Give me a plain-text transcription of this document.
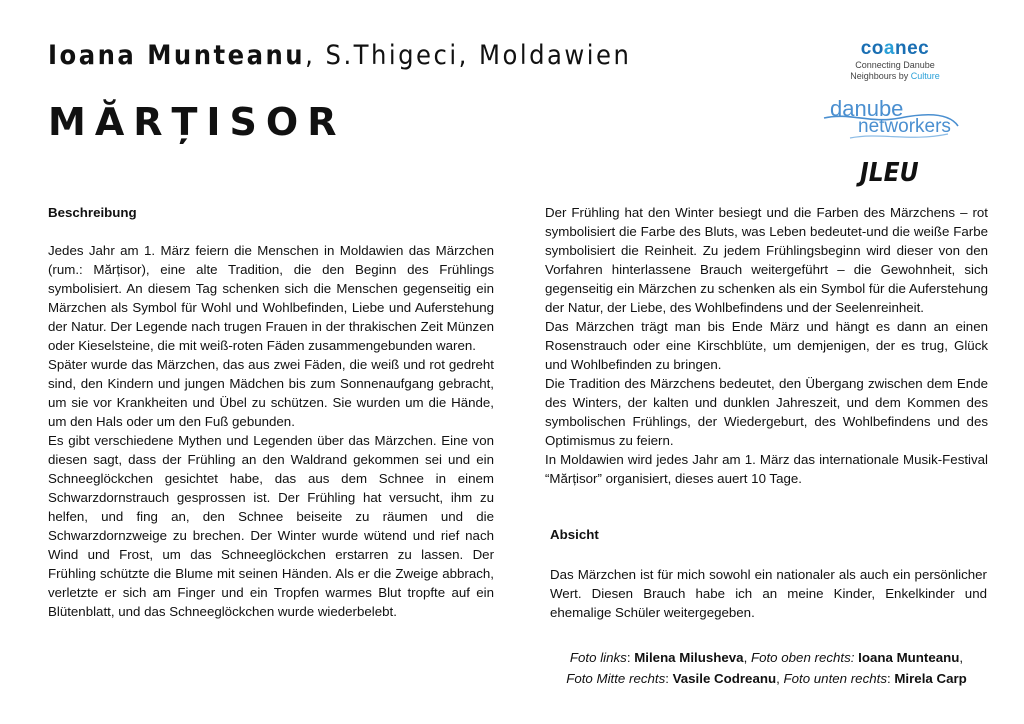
Ioana Munteanu, S.Thigeci, Moldawien
MĂRȚISOR
coanec
Connecting Danube
Neighbours by Culture
danube
networkers
JLEU

Beschreibung

Jedes Jahr am 1. März feiern die Menschen in Moldawien das Märzchen (rum.: Mărțisor), eine alte Tradition, die den Beginn des Frühlings symbolisiert. An diesem Tag schenken sich die Menschen gegenseitig ein Märzchen als Symbol für Wohl und Wohlbefinden, Liebe und Auferstehung der Natur. Der Legende nach trugen Frauen in der thrakischen Zeit Münzen oder Kieselsteine, die mit weiß-roten Fäden zusammengebunden waren.

Später wurde das Märzchen, das aus zwei Fäden, die weiß und rot gedreht sind, den Kindern und jungen Mädchen bis zum Sonnenaufgang gebracht, um sie vor Krankheiten und Übel zu schützen. Sie wurden um die Hände, um den Hals oder um den Fuß gebunden.

Es gibt verschiedene Mythen und Legenden über das Märzchen. Eine von diesen sagt, dass der Frühling an den Waldrand gekommen sei und ein Schneeglöckchen gesichtet habe, das aus dem Schnee in einem Schwarzdornstrauch gesprossen ist. Der Frühling hat versucht, ihm zu helfen, und fing an, den Schnee beiseite zu räumen und die Schwarzdornzweige zu brechen. Der Winter wurde wütend und rief nach Wind und Frost, um das Schneeglöckchen erstarren zu lassen. Der Frühling schützte die Blume mit seinen Händen. Als er die Zweige abbrach, verletzte er sich am Finger und ein Tropfen warmes Blut tropfte auf ein Blütenblatt, und das Schneeglöckchen wurde wiederbelebt.

Der Frühling hat den Winter besiegt und die Farben des Märzchens – rot symbolisiert die Farbe des Bluts, was Leben bedeutet-und die weiße Farbe symbolisiert die Reinheit. Zu jedem Frühlingsbeginn wird dieser von den Vorfahren hinterlassene Brauch weitergeführt – die Gewohnheit, sich gegenseitig ein Märzchen zu schenken als ein Symbol für die Auferstehung der Natur, der Liebe, des Wohlbefindens und der Seelenreinheit.

Das Märzchen trägt man bis Ende März und hängt es dann an einen Rosenstrauch oder eine Kirschblüte, um demjenigen, der es trug, Glück und Wohlbefinden zu bringen.

Die Tradition des Märzchens bedeutet, den Übergang zwischen dem Ende des Winters, der kalten und dunklen Jahreszeit, und dem Kommen des symbolischen Frühlings, der Wiedergeburt, des Wohlbefindens und des Optimismus zu feiern.

In Moldawien wird jedes Jahr am 1. März das internationale Musik-Festival “Mărțisor” organisiert, dieses auert 10 Tage.

Absicht
Das Märzchen ist für mich sowohl ein nationaler als auch ein persönlicher Wert. Diesen Brauch habe ich an meine Kinder, Enkelkinder und ehemalige Schüler weitergegeben.
Foto links: Milena Milusheva, Foto oben rechts: Ioana Munteanu,
Foto Mitte rechts: Vasile Codreanu, Foto unten rechts: Mirela Carp
